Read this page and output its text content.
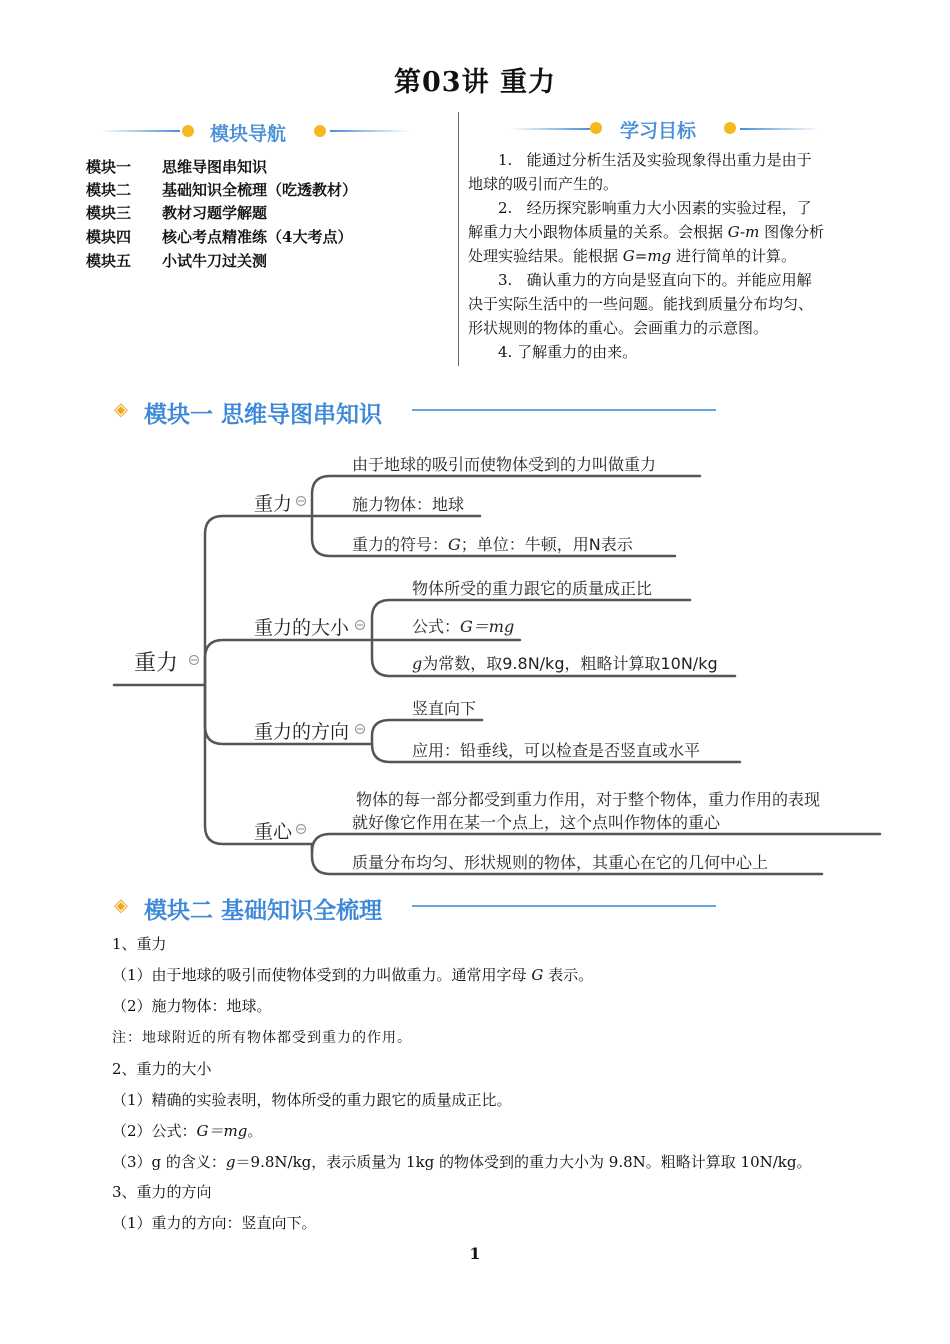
第03讲 重力
模块导航
模块一 思维导图串知识
模块二 基础知识全梳理（吃透教材）
模块三 教材习题学解题
模块四 核心考点精准练（4大考点）
模块五 小试牛刀过关测
学习目标
1. 能通过分析生活及实验现象得出重力是由于
地球的吸引而产生的。
2. 经历探究影响重力大小因素的实验过程，了
解重力大小跟物体质量的关系。会根据 G-m 图像分析
处理实验结果。能根据 G=mg 进行简单的计算。
3. 确认重力的方向是竖直向下的。并能应用解
决于实际生活中的一些问题。能找到质量分布均匀、
形状规则的物体的重心。会画重力的示意图。
4. 了解重力的由来。
◈ 模块一 思维导图串知识
重力
重力
由于地球的吸引而使物体受到的力叫做重力
施力物体：地球
重力的符号：G；单位：牛顿，用N表示
重力的大小
物体所受的重力跟它的质量成正比
公式：G＝mg
g为常数，取9.8N/kg，粗略计算取10N/kg
重力的方向
竖直向下
应用：铅垂线，可以检查是否竖直或水平
重心
物体的每一部分都受到重力作用，对于整个物体，重力作用的表现
就好像它作用在某一个点上，这个点叫作物体的重心
质量分布均匀、形状规则的物体，其重心在它的几何中心上
◈ 模块二 基础知识全梳理
1、重力
（1）由于地球的吸引而使物体受到的力叫做重力。通常用字母 G 表示。
（2）施力物体：地球。
注：地球附近的所有物体都受到重力的作用。
2、重力的大小
（1）精确的实验表明，物体所受的重力跟它的质量成正比。
（2）公式：G＝mg。
（3）g 的含义：g＝9.8N/kg，表示质量为 1kg 的物体受到的重力大小为 9.8N。粗略计算取 10N/kg。
3、重力的方向
（1）重力的方向：竖直向下。
1
